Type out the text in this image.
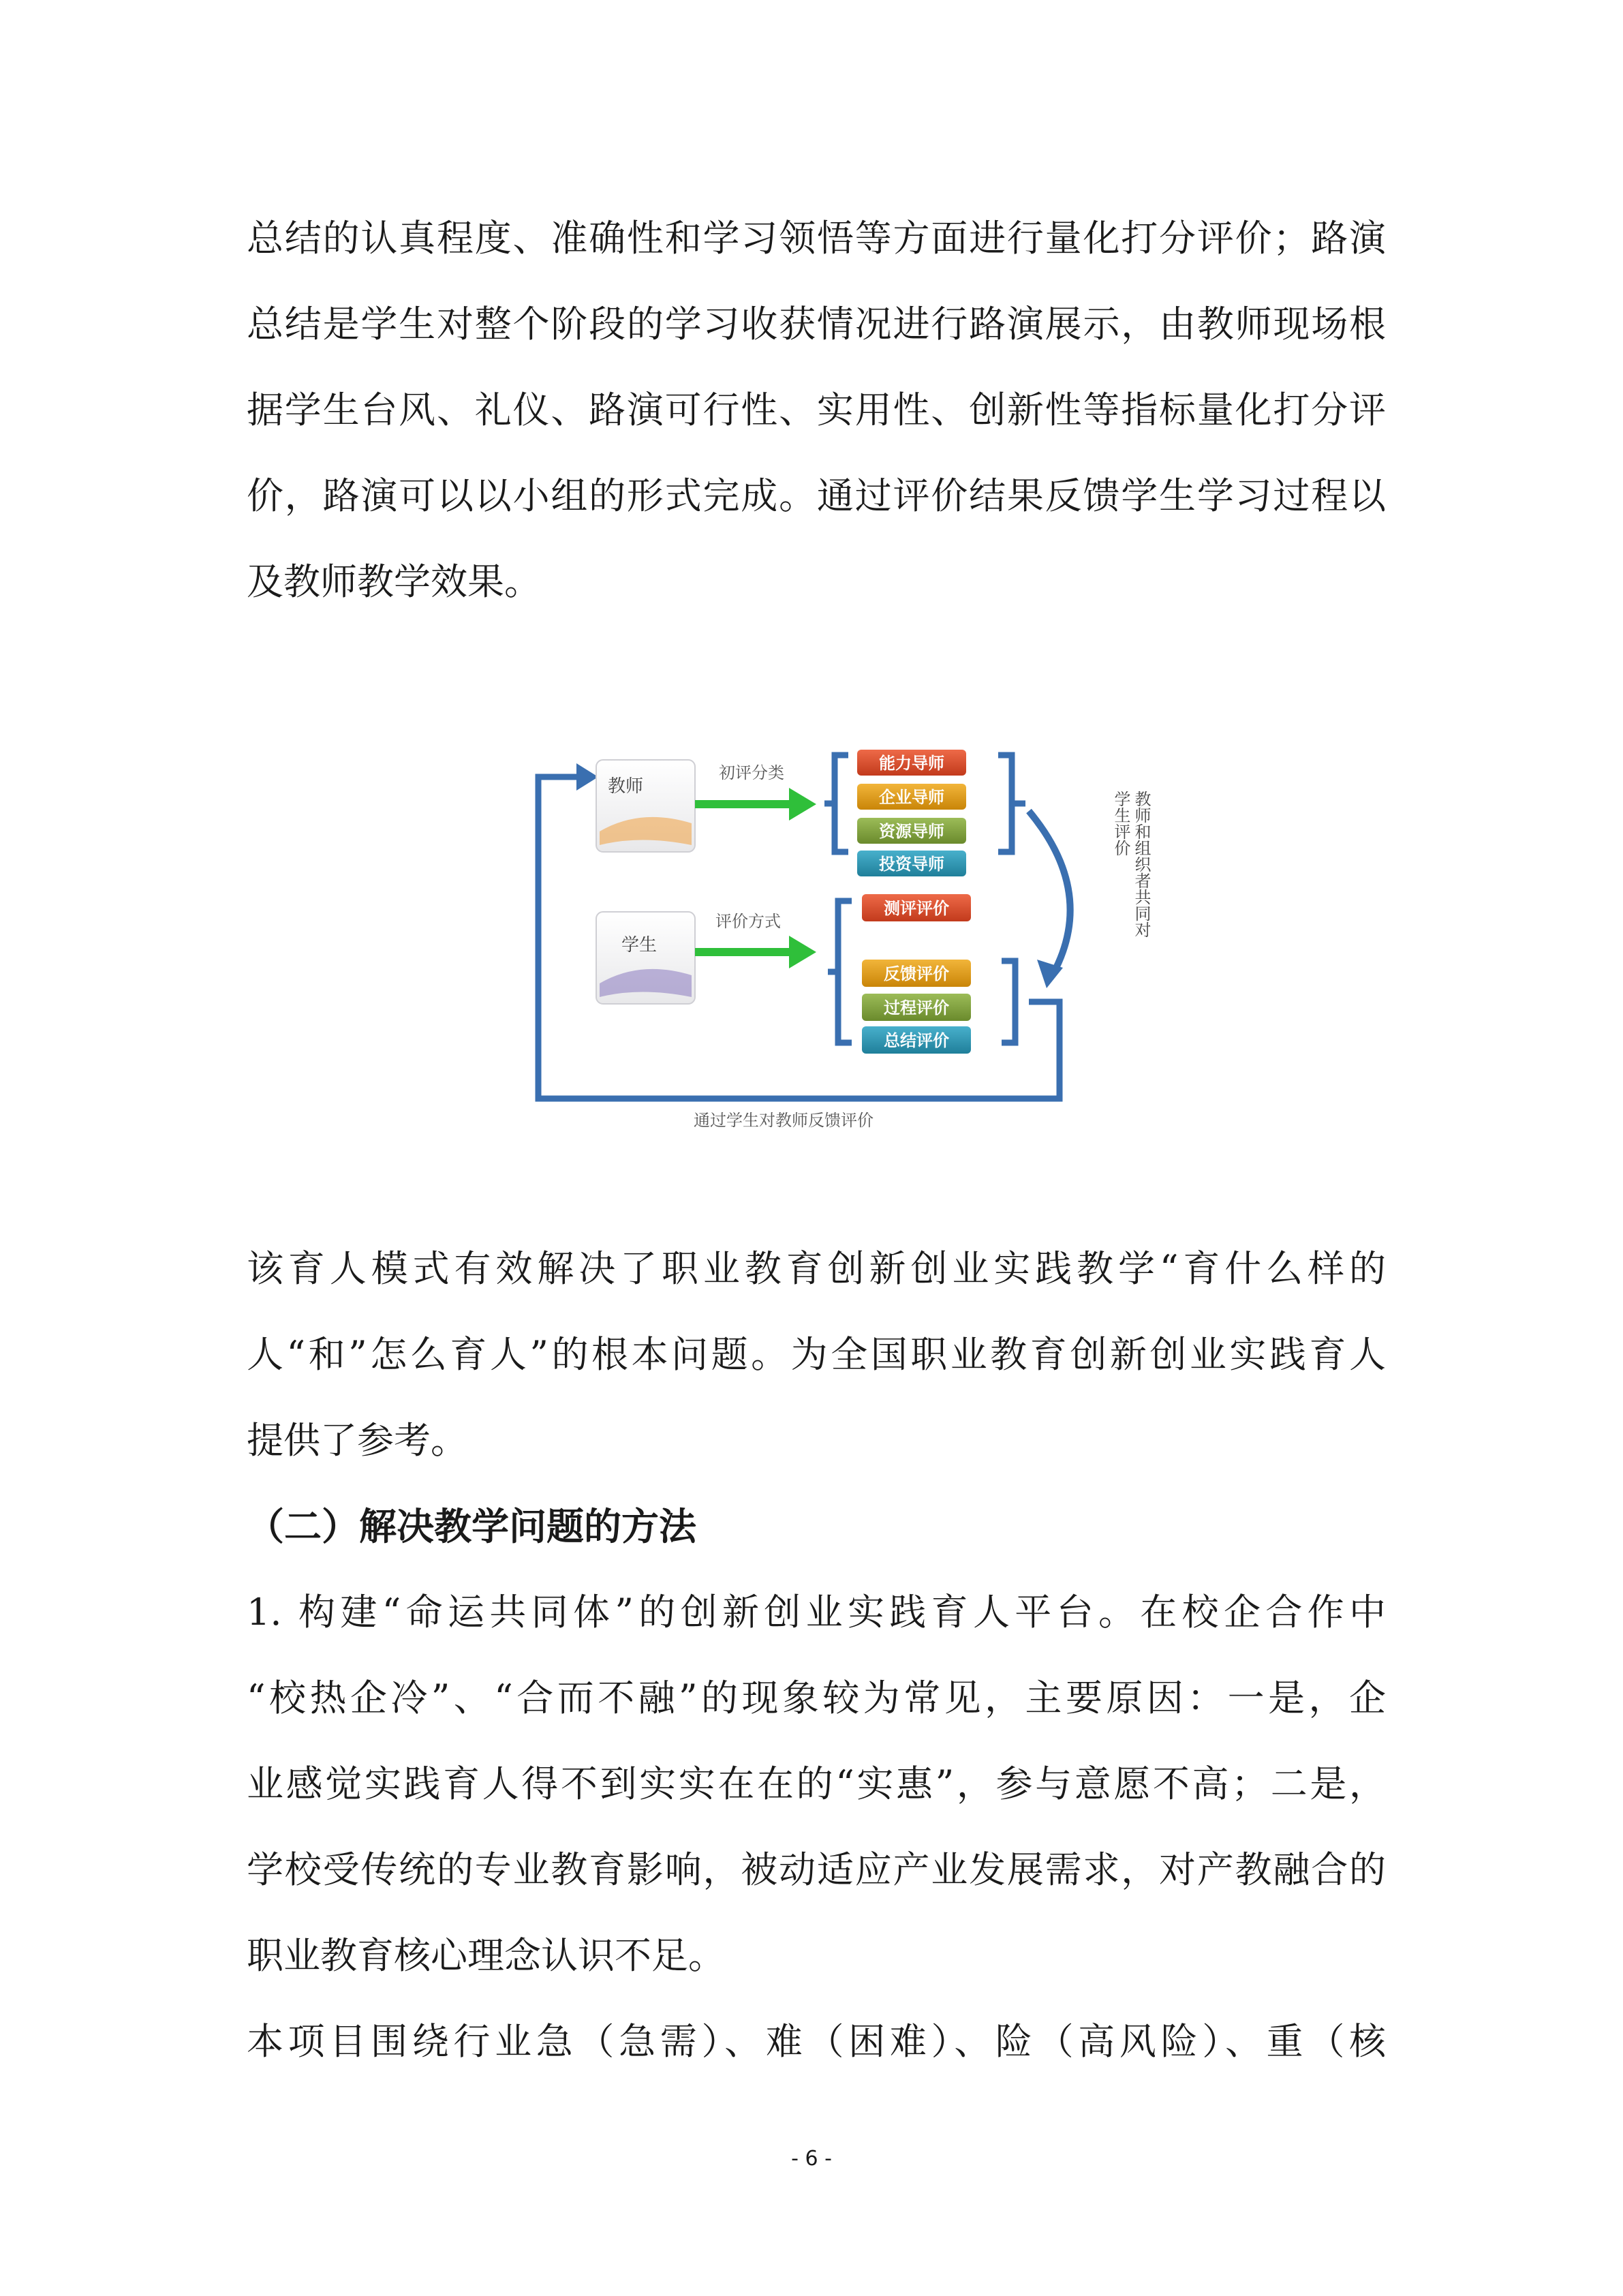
总结的认真程度、准确性和学习领悟等方面进行量化打分评价；路演
总结是学生对整个阶段的学习收获情况进行路演展示，由教师现场根
据学生台风、礼仪、路演可行性、实用性、创新性等指标量化打分评
价，路演可以以小组的形式完成。通过评价结果反馈学生学习过程以
及教师教学效果。
教师
学生
初评分类
评价方式
能力导师
企业导师
资源导师
投资导师
测评评价
反馈评价
过程评价
总结评价
教师和组织者共同对
学生评价
通过学生对教师反馈评价
该育人模式有效解决了职业教育创新创业实践教学“育什么样的
人“和”怎么育人”的根本问题。为全国职业教育创新创业实践育人
提供了参考。
（二）解决教学问题的方法
1. 构建“命运共同体”的创新创业实践育人平台。在校企合作中
“校热企冷”、“合而不融”的现象较为常见，主要原因：一是，企
业感觉实践育人得不到实实在在的“实惠”，参与意愿不高；二是，
学校受传统的专业教育影响，被动适应产业发展需求，对产教融合的
职业教育核心理念认识不足。
本项目围绕行业急（急需）、难（困难）、险（高风险）、重（核
- 6 -
